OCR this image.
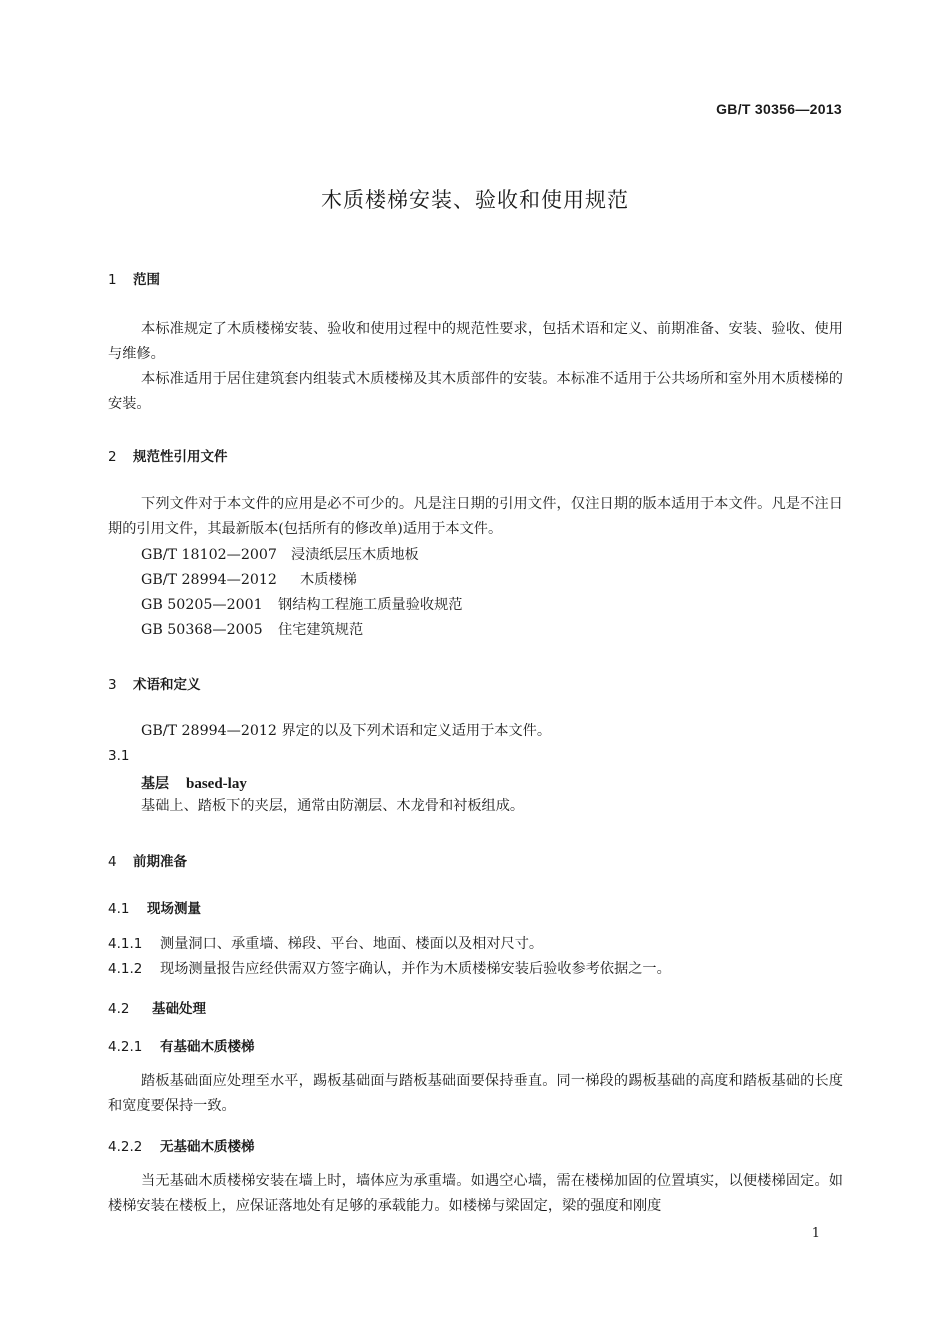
GB/T 30356—2013
木质楼梯安装、验收和使用规范
1 范围
本标准规定了木质楼梯安装、验收和使用过程中的规范性要求，包括术语和定义、前期准备、安装、验收、使用与维修。
本标准适用于居住建筑套内组装式木质楼梯及其木质部件的安装。本标准不适用于公共场所和室外用木质楼梯的安装。
2 规范性引用文件
下列文件对于本文件的应用是必不可少的。凡是注日期的引用文件，仅注日期的版本适用于本文件。凡是不注日期的引用文件，其最新版本(包括所有的修改单)适用于本文件。
GB/T 18102—2007 浸渍纸层压木质地板
GB/T 28994—2012 木质楼梯
GB 50205—2001 钢结构工程施工质量验收规范
GB 50368—2005 住宅建筑规范
3 术语和定义
GB/T 28994—2012 界定的以及下列术语和定义适用于本文件。
3.1
基层 based-lay
基础上、踏板下的夹层，通常由防潮层、木龙骨和衬板组成。
4 前期准备
4.1 现场测量
4.1.1 测量洞口、承重墙、梯段、平台、地面、楼面以及相对尺寸。
4.1.2 现场测量报告应经供需双方签字确认，并作为木质楼梯安装后验收参考依据之一。
4.2 基础处理
4.2.1 有基础木质楼梯
踏板基础面应处理至水平，踢板基础面与踏板基础面要保持垂直。同一梯段的踢板基础的高度和踏板基础的长度和宽度要保持一致。
4.2.2 无基础木质楼梯
当无基础木质楼梯安装在墙上时，墙体应为承重墙。如遇空心墙，需在楼梯加固的位置填实，以便楼梯固定。如楼梯安装在楼板上，应保证落地处有足够的承载能力。如楼梯与梁固定，梁的强度和刚度
1
